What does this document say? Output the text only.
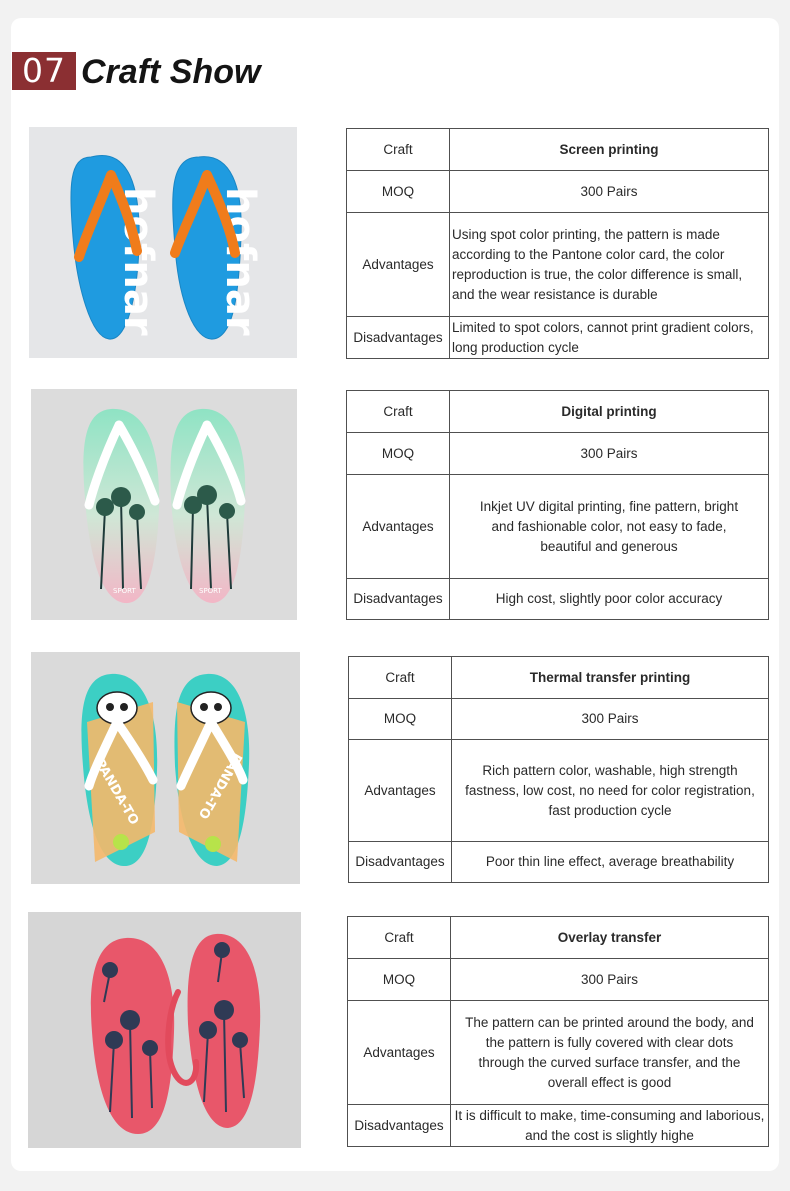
07 Craft Show
hofnar hofnar
Craft	Screen printing
MOQ	300 Pairs
Advantages	Using spot color printing, the pattern is made according to the Pantone color card, the color reproduction is true, the color difference is small, and the wear resistance is durable
Disadvantages	Limited to spot colors, cannot print gradient colors, long production cycle
SPORT	SPORT
Craft	Digital printing
MOQ	300 Pairs
Advantages	Inkjet UV digital printing, fine pattern, bright and fashionable color, not easy to fade, beautiful and generous
Disadvantages	High cost, slightly poor color accuracy
PANDA-TO	PANDA-TO
Craft	Thermal transfer printing
MOQ	300 Pairs
Advantages	Rich pattern color, washable, high strength fastness, low cost, no need for color registration, fast production cycle
Disadvantages	Poor thin line effect, average breathability
Craft	Overlay transfer
MOQ	300 Pairs
Advantages	The pattern can be printed around the body, and the pattern is fully covered with clear dots through the curved surface transfer, and the overall effect is good
Disadvantages	It is difficult to make, time-consuming and laborious, and the cost is slightly highe
